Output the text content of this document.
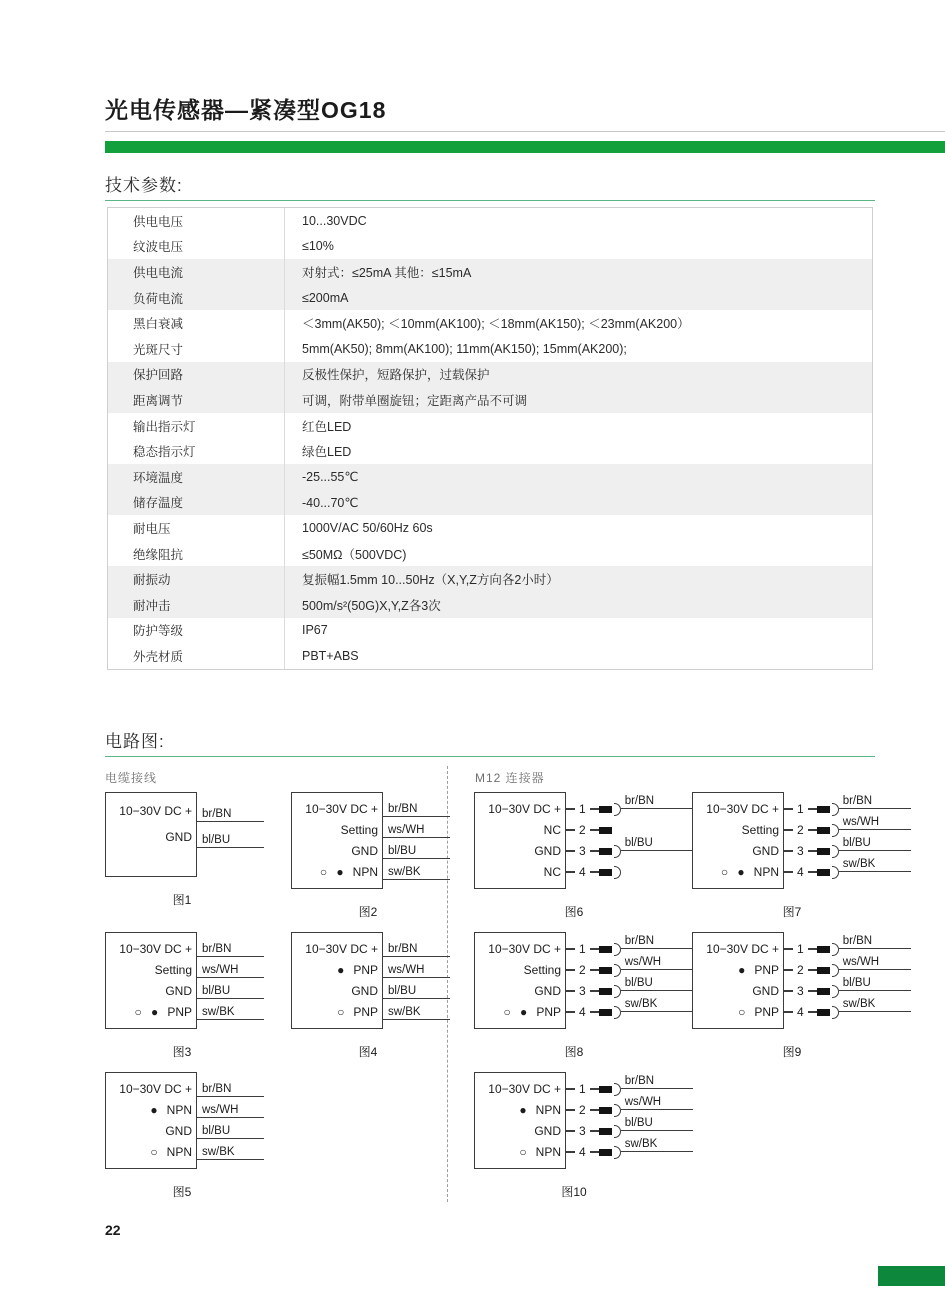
光电传感器—紧凑型OG18
技术参数:
供电电压	10...30VDC
纹波电压	≤10%
供电电流	对射式：≤25mA 其他：≤15mA
负荷电流	≤200mA
黑白衰减	＜3mm(AK50); ＜10mm(AK100); ＜18mm(AK150); ＜23mm(AK200）
光斑尺寸	5mm(AK50); 8mm(AK100); 11mm(AK150); 15mm(AK200);
保护回路	反极性保护，短路保护，过载保护
距离调节	可调，附带单圈旋钮；定距离产品不可调
输出指示灯	红色LED
稳态指示灯	绿色LED
环境温度	-25...55℃
储存温度	-40...70℃
耐电压	1000V/AC 50/60Hz 60s
绝缘阻抗	≤50MΩ（500VDC)
耐振动	复振幅1.5mm 10...50Hz（X,Y,Z方向各2小时）
耐冲击	500m/s²(50G)X,Y,Z各3次
防护等级	IP67
外壳材质	PBT+ABS
电路图:
电缆接线	M12 连接器
10−30V DC +
GND
br/BN
bl/BU
图1
10−30V DC +
Setting
GND
○ ● NPN
br/BN
ws/WH
bl/BU
sw/BK
图2
10−30V DC +
Setting
GND
○ ● PNP
br/BN
ws/WH
bl/BU
sw/BK
图3
10−30V DC +
● PNP
GND
○ PNP
br/BN
ws/WH
bl/BU
sw/BK
图4
10−30V DC +
● NPN
GND
○ NPN
br/BN
ws/WH
bl/BU
sw/BK
图5
10−30V DC +
NC
GND
NC
1
br/BN
2
3
bl/BU
4
图6
10−30V DC +
Setting
GND
○ ● NPN
1
br/BN
2
ws/WH
3
bl/BU
4
sw/BK
图7
10−30V DC +
Setting
GND
○ ● PNP
1
br/BN
2
ws/WH
3
bl/BU
4
sw/BK
图8
10−30V DC +
● PNP
GND
○ PNP
1
br/BN
2
ws/WH
3
bl/BU
4
sw/BK
图9
10−30V DC +
● NPN
GND
○ NPN
1
br/BN
2
ws/WH
3
bl/BU
4
sw/BK
图10
22
